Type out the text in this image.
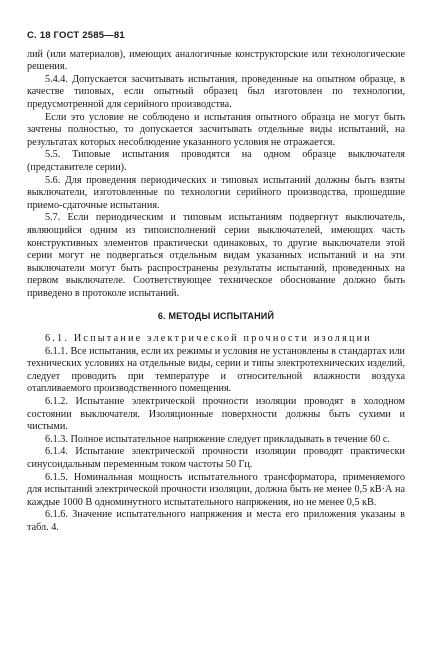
С. 18 ГОСТ 2585—81

лий (или материалов), имеющих аналогичные конструкторские или технологические решения.

5.4.4. Допускается засчитывать испытания, проведенные на опытном образце, в качестве типовых, если опытный образец был изготовлен по технологии, предусмотренной для серийного производства.

Если это условие не соблюдено и испытания опытного образца не могут быть зачтены полностью, то допускается засчитывать отдельные виды испытаний, на результатах которых несоблюдение указанного условия не отражается.

5.5. Типовые испытания проводятся на одном образце выключателя (представителе серии).

5.6. Для проведения периодических и типовых испытаний должны быть взяты выключатели, изготовленные по технологии серийного производства, прошедшие приемо-сдаточные испытания.

5.7. Если периодическим и типовым испытаниям подвергнут выключатель, являющийся одним из типоисполнений серии выключателей, имеющих часть конструктивных элементов практически одинаковых, то другие выключатели этой серии могут не подвергаться отдельным видам указанных испытаний и на эти выключатели могут быть распространены результаты испытаний, проведенных на первом выключателе. Соответствующее техническое обоснование должно быть приведено в протоколе испытаний.

6. МЕТОДЫ ИСПЫТАНИЙ

6.1. Испытание электрической прочности изоляции

6.1.1. Все испытания, если их режимы и условия не установлены в стандартах или технических условиях на отдельные виды, серии и типы электротехнических изделий, следует проводить при температуре и относительной влажности воздуха отапливаемого производственного помещения.

6.1.2. Испытание электрической прочности изоляции проводят в холодном состоянии выключателя. Изоляционные поверхности должны быть сухими и чистыми.

6.1.3. Полное испытательное напряжение следует прикладывать в течение 60 с.

6.1.4. Испытание электрической прочности изоляции проводят практически синусоидальным переменным током частоты 50 Гц.

6.1.5. Номинальная мощность испытательного трансформатора, применяемого для испытаний электрической прочности изоляции, должна быть не менее 0,5 кВ·А на каждые 1000 В одноминутного испытательного напряжения, но не менее 0,5 кВ.

6.1.6. Значение испытательного напряжения и места его приложения указаны в табл. 4.
